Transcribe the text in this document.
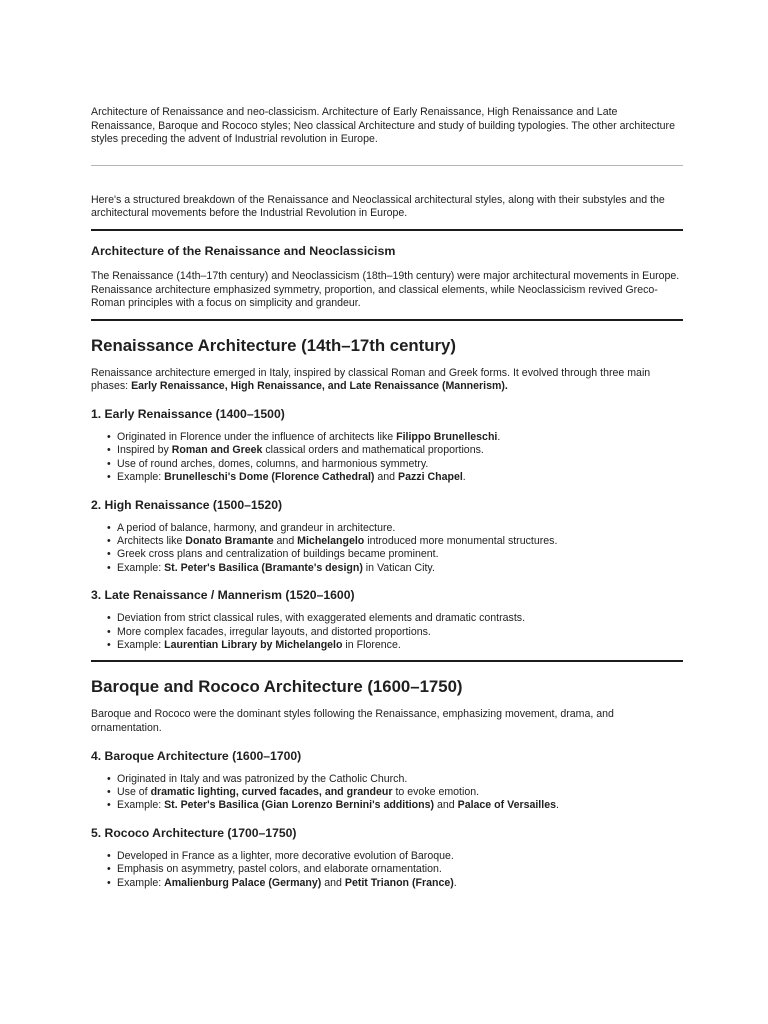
Architecture of Renaissance and neo-classicism. Architecture of Early Renaissance, High Renaissance and Late Renaissance, Baroque and Rococo styles; Neo classical Architecture and study of building typologies. The other architecture styles preceding the advent of Industrial revolution in Europe.

Here's a structured breakdown of the Renaissance and Neoclassical architectural styles, along with their substyles and the architectural movements before the Industrial Revolution in Europe.

Architecture of the Renaissance and Neoclassicism

The Renaissance (14th–17th century) and Neoclassicism (18th–19th century) were major architectural movements in Europe. Renaissance architecture emphasized symmetry, proportion, and classical elements, while Neoclassicism revived Greco-Roman principles with a focus on simplicity and grandeur.

Renaissance Architecture (14th–17th century)

Renaissance architecture emerged in Italy, inspired by classical Roman and Greek forms. It evolved through three main phases: Early Renaissance, High Renaissance, and Late Renaissance (Mannerism).

1. Early Renaissance (1400–1500)
• Originated in Florence under the influence of architects like Filippo Brunelleschi.
• Inspired by Roman and Greek classical orders and mathematical proportions.
• Use of round arches, domes, columns, and harmonious symmetry.
• Example: Brunelleschi's Dome (Florence Cathedral) and Pazzi Chapel.
2. High Renaissance (1500–1520)
• A period of balance, harmony, and grandeur in architecture.
• Architects like Donato Bramante and Michelangelo introduced more monumental structures.
• Greek cross plans and centralization of buildings became prominent.
• Example: St. Peter's Basilica (Bramante's design) in Vatican City.
3. Late Renaissance / Mannerism (1520–1600)
• Deviation from strict classical rules, with exaggerated elements and dramatic contrasts.
• More complex facades, irregular layouts, and distorted proportions.
• Example: Laurentian Library by Michelangelo in Florence.
Baroque and Rococo Architecture (1600–1750)

Baroque and Rococo were the dominant styles following the Renaissance, emphasizing movement, drama, and ornamentation.

4. Baroque Architecture (1600–1700)
• Originated in Italy and was patronized by the Catholic Church.
• Use of dramatic lighting, curved facades, and grandeur to evoke emotion.
• Example: St. Peter's Basilica (Gian Lorenzo Bernini's additions) and Palace of Versailles.
5. Rococo Architecture (1700–1750)
• Developed in France as a lighter, more decorative evolution of Baroque.
• Emphasis on asymmetry, pastel colors, and elaborate ornamentation.
• Example: Amalienburg Palace (Germany) and Petit Trianon (France).
